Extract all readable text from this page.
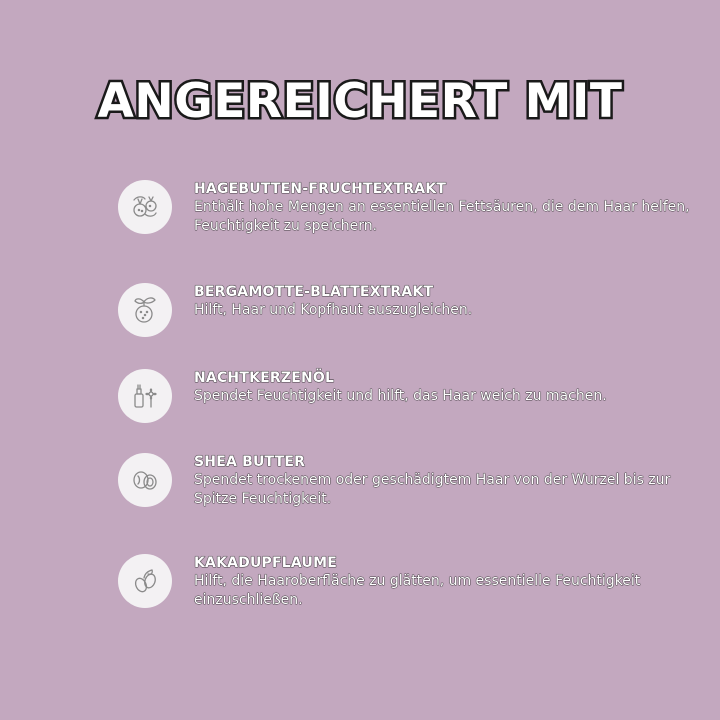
ANGEREICHERT MIT
HAGEBUTTEN-FRUCHTEXTRAKT
Enthält hohe Mengen an essentiellen Fettsäuren, die dem Haar helfen, Feuchtigkeit zu speichern.
BERGAMOTTE-BLATTEXTRAKT
Hilft, Haar und Kopfhaut auszugleichen.
NACHTKERZENÖL
Spendet Feuchtigkeit und hilft, das Haar weich zu machen.
SHEA BUTTER
Spendet trockenem oder geschädigtem Haar von der Wurzel bis zur Spitze Feuchtigkeit.
KAKADUPFLAUME
Hilft, die Haaroberfläche zu glätten, um essentielle Feuchtigkeit einzuschließen.
